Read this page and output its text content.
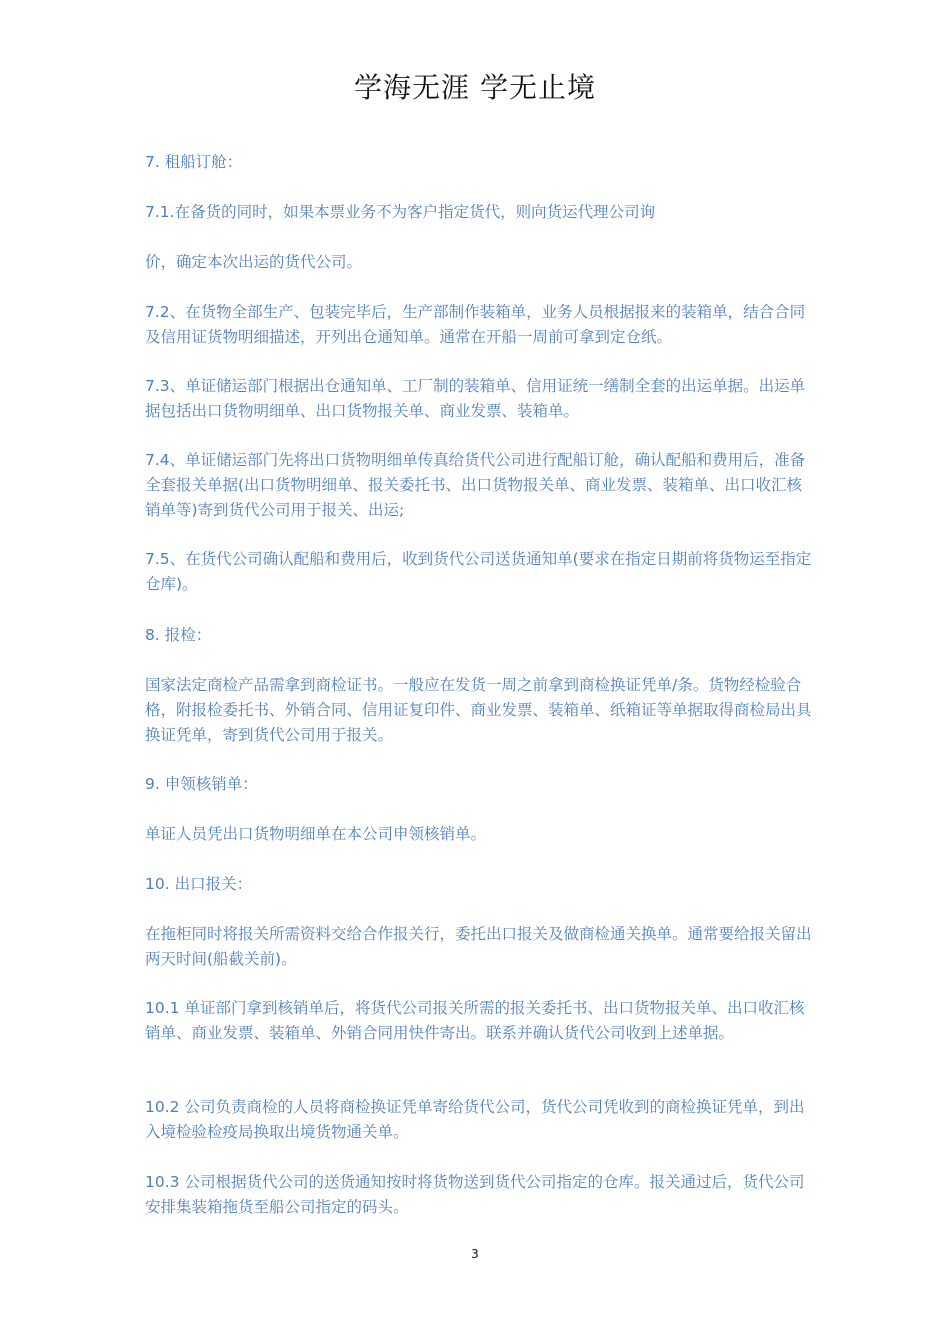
学海无涯 学无止境

7. 租船订舱：

7.1.在备货的同时，如果本票业务不为客户指定货代，则向货运代理公司询

价，确定本次出运的货代公司。

7.2、在货物全部生产、包装完毕后，生产部制作装箱单，业务人员根据报来的装箱单，结合合同及信用证货物明细描述，开列出仓通知单。通常在开船一周前可拿到定仓纸。

7.3、单证储运部门根据出仓通知单、工厂制的装箱单、信用证统一缮制全套的出运单据。出运单据包括出口货物明细单、出口货物报关单、商业发票、装箱单。

7.4、单证储运部门先将出口货物明细单传真给货代公司进行配船订舱，确认配船和费用后，准备全套报关单据(出口货物明细单、报关委托书、出口货物报关单、商业发票、装箱单、出口收汇核销单等)寄到货代公司用于报关、出运;

7.5、在货代公司确认配船和费用后，收到货代公司送货通知单(要求在指定日期前将货物运至指定仓库)。

8. 报检：

国家法定商检产品需拿到商检证书。一般应在发货一周之前拿到商检换证凭单/条。货物经检验合格，附报检委托书、外销合同、信用证复印件、商业发票、装箱单、纸箱证等单据取得商检局出具换证凭单，寄到货代公司用于报关。

9. 申领核销单：

单证人员凭出口货物明细单在本公司申领核销单。

10. 出口报关：

在拖柜同时将报关所需资料交给合作报关行，委托出口报关及做商检通关换单。通常要给报关留出两天时间(船截关前)。

10.1 单证部门拿到核销单后，将货代公司报关所需的报关委托书、出口货物报关单、出口收汇核销单、商业发票、装箱单、外销合同用快件寄出。联系并确认货代公司收到上述单据。

10.2 公司负责商检的人员将商检换证凭单寄给货代公司，货代公司凭收到的商检换证凭单，到出入境检验检疫局换取出境货物通关单。

10.3 公司根据货代公司的送货通知按时将货物送到货代公司指定的仓库。报关通过后，货代公司安排集装箱拖货至船公司指定的码头。

3
